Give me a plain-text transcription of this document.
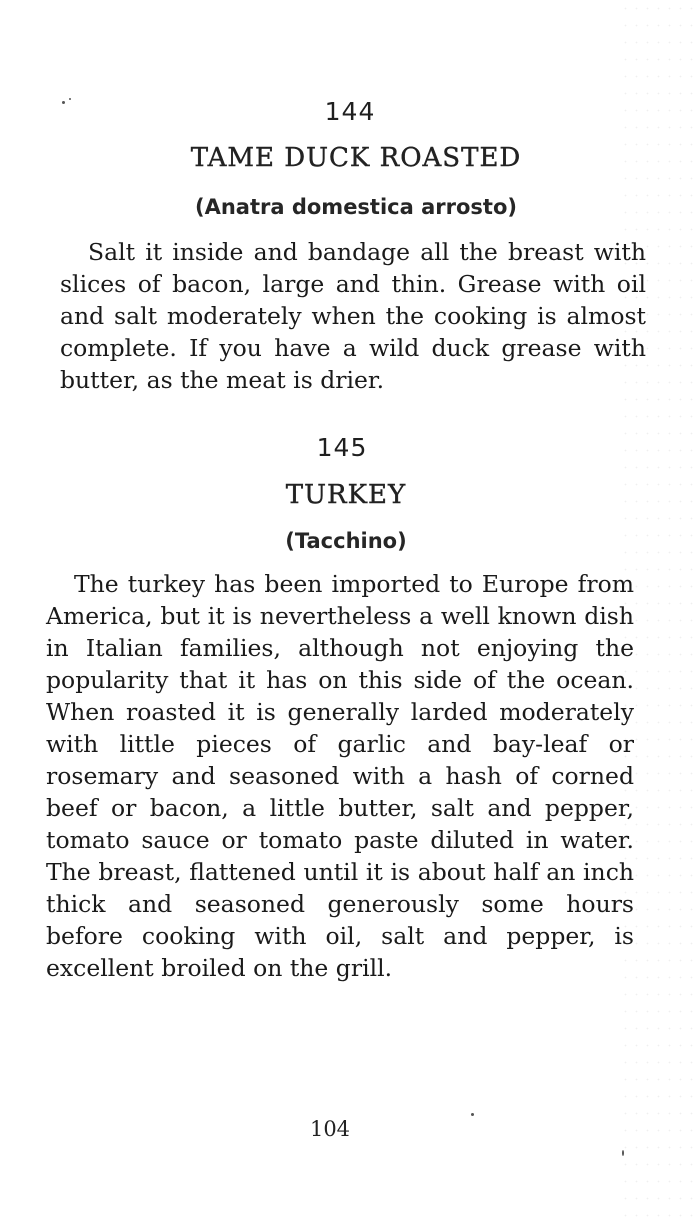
144
TAME DUCK ROASTED
(Anatra domestica arrosto)

Salt it inside and bandage all the breast with slices of bacon, large and thin. Grease with oil and salt moderately when the cooking is almost complete. If you have a wild duck grease with butter, as the meat is drier.

145
TURKEY
(Tacchino)

The turkey has been imported to Europe from America, but it is nevertheless a well known dish in Italian families, although not enjoying the popularity that it has on this side of the ocean. When roasted it is generally larded moderately with little pieces of garlic and bay-leaf or rosemary and seasoned with a hash of corned beef or bacon, a little butter, salt and pepper, tomato sauce or tomato paste diluted in water. The breast, flattened until it is about half an inch thick and seasoned generously some hours before cooking with oil, salt and pepper, is excellent broiled on the grill.

104
